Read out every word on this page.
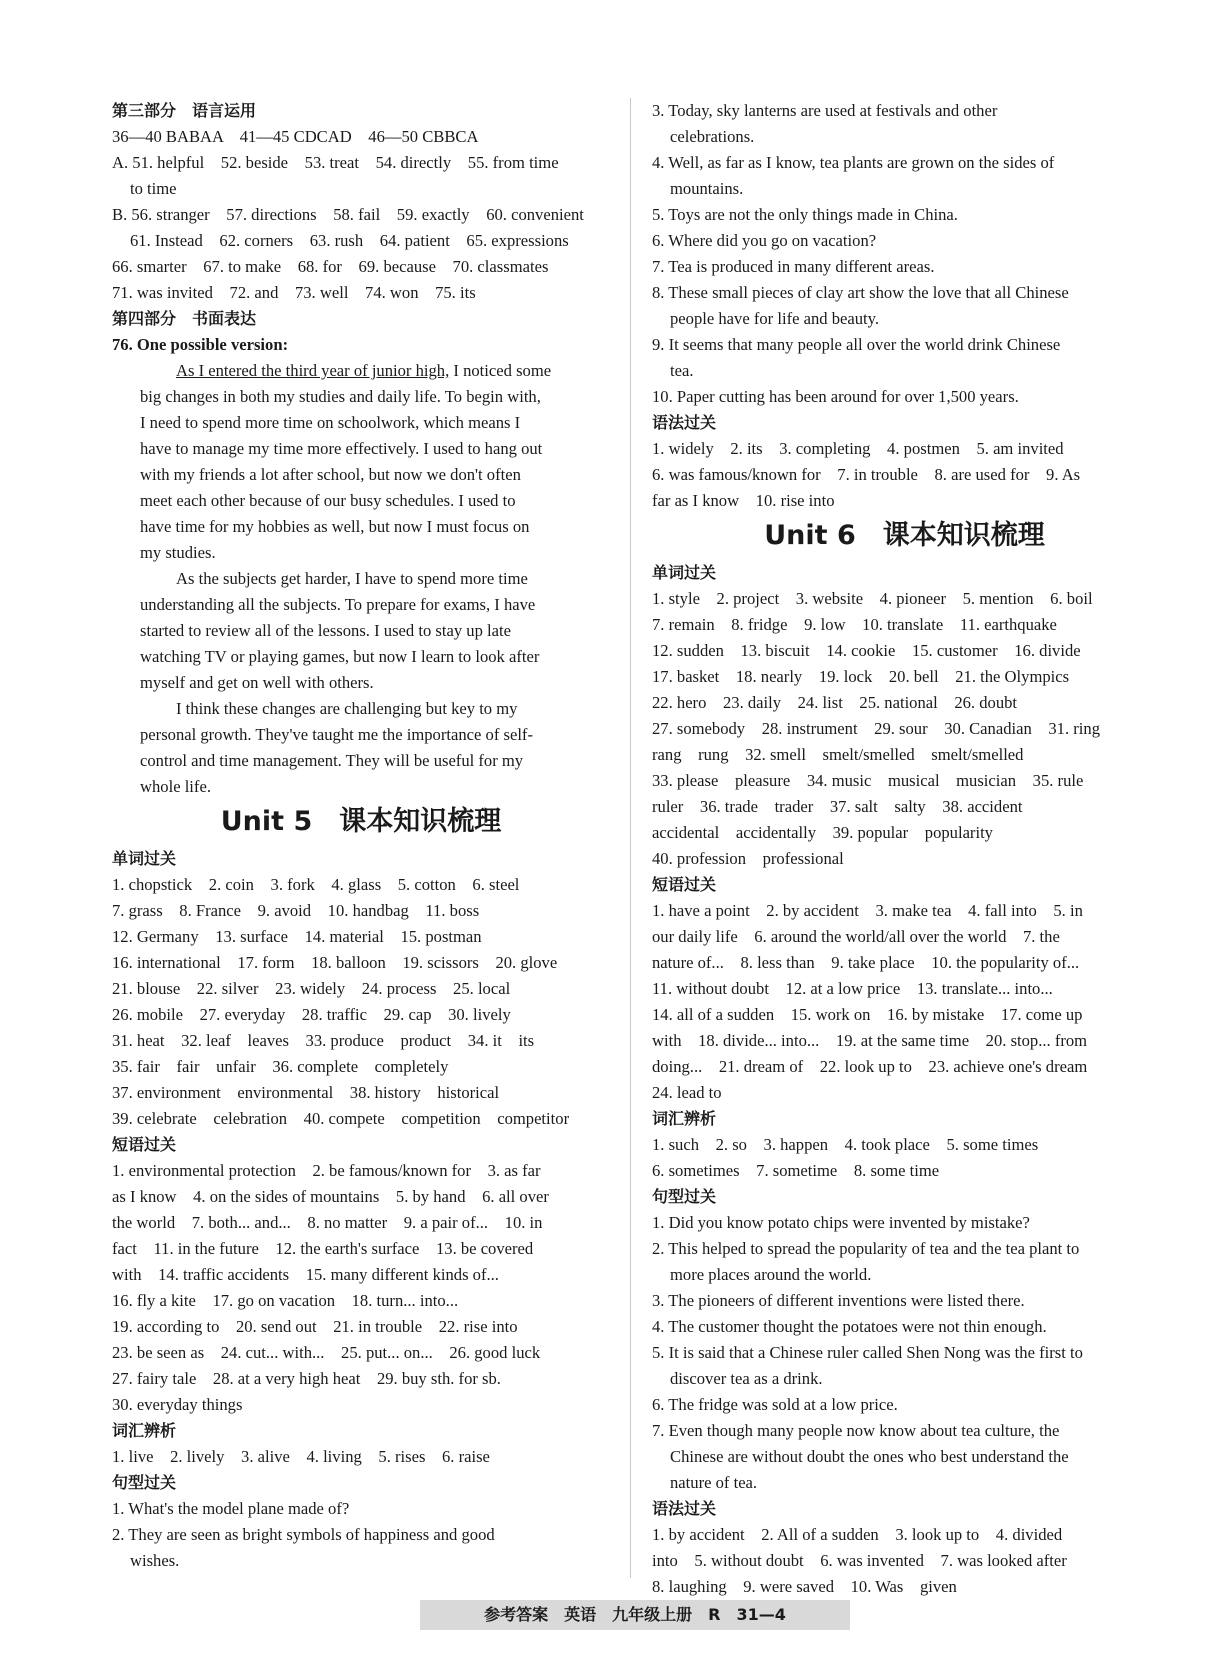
第三部分　语言运用
36—40 BABAA　41—45 CDCAD　46—50 CBBCA
A. 51. helpful　52. beside　53. treat　54. directly　55. from time
to time
B. 56. stranger　57. directions　58. fail　59. exactly　60. convenient
61. Instead　62. corners　63. rush　64. patient　65. expressions
66. smarter　67. to make　68. for　69. because　70. classmates
71. was invited　72. and　73. well　74. won　75. its
第四部分　书面表达
76. One possible version:
As I entered the third year of junior high, I noticed some
big changes in both my studies and daily life. To begin with,
I need to spend more time on schoolwork, which means I
have to manage my time more effectively. I used to hang out
with my friends a lot after school, but now we don't often
meet each other because of our busy schedules. I used to
have time for my hobbies as well, but now I must focus on
my studies.
As the subjects get harder, I have to spend more time
understanding all the subjects. To prepare for exams, I have
started to review all of the lessons. I used to stay up late
watching TV or playing games, but now I learn to look after
myself and get on well with others.
I think these changes are challenging but key to my
personal growth. They've taught me the importance of self-
control and time management. They will be useful for my
whole life.
Unit 5　课本知识梳理
单词过关
1. chopstick　2. coin　3. fork　4. glass　5. cotton　6. steel
7. grass　8. France　9. avoid　10. handbag　11. boss
12. Germany　13. surface　14. material　15. postman
16. international　17. form　18. balloon　19. scissors　20. glove
21. blouse　22. silver　23. widely　24. process　25. local
26. mobile　27. everyday　28. traffic　29. cap　30. lively
31. heat　32. leaf　leaves　33. produce　product　34. it　its
35. fair　fair　unfair　36. complete　completely
37. environment　environmental　38. history　historical
39. celebrate　celebration　40. compete　competition　competitor
短语过关
1. environmental protection　2. be famous/known for　3. as far
as I know　4. on the sides of mountains　5. by hand　6. all over
the world　7. both... and...　8. no matter　9. a pair of...　10. in
fact　11. in the future　12. the earth's surface　13. be covered
with　14. traffic accidents　15. many different kinds of...
16. fly a kite　17. go on vacation　18. turn... into...
19. according to　20. send out　21. in trouble　22. rise into
23. be seen as　24. cut... with...　25. put... on...　26. good luck
27. fairy tale　28. at a very high heat　29. buy sth. for sb.
30. everyday things
词汇辨析
1. live　2. lively　3. alive　4. living　5. rises　6. raise
句型过关
1. What's the model plane made of?
2. They are seen as bright symbols of happiness and good
wishes.
3. Today, sky lanterns are used at festivals and other
celebrations.
4. Well, as far as I know, tea plants are grown on the sides of
mountains.
5. Toys are not the only things made in China.
6. Where did you go on vacation?
7. Tea is produced in many different areas.
8. These small pieces of clay art show the love that all Chinese
people have for life and beauty.
9. It seems that many people all over the world drink Chinese
tea.
10. Paper cutting has been around for over 1,500 years.
语法过关
1. widely　2. its　3. completing　4. postmen　5. am invited
6. was famous/known for　7. in trouble　8. are used for　9. As
far as I know　10. rise into
Unit 6　课本知识梳理
单词过关
1. style　2. project　3. website　4. pioneer　5. mention　6. boil
7. remain　8. fridge　9. low　10. translate　11. earthquake
12. sudden　13. biscuit　14. cookie　15. customer　16. divide
17. basket　18. nearly　19. lock　20. bell　21. the Olympics
22. hero　23. daily　24. list　25. national　26. doubt
27. somebody　28. instrument　29. sour　30. Canadian　31. ring
rang　rung　32. smell　smelt/smelled　smelt/smelled
33. please　pleasure　34. music　musical　musician　35. rule
ruler　36. trade　trader　37. salt　salty　38. accident
accidental　accidentally　39. popular　popularity
40. profession　professional
短语过关
1. have a point　2. by accident　3. make tea　4. fall into　5. in
our daily life　6. around the world/all over the world　7. the
nature of...　8. less than　9. take place　10. the popularity of...
11. without doubt　12. at a low price　13. translate... into...
14. all of a sudden　15. work on　16. by mistake　17. come up
with　18. divide... into...　19. at the same time　20. stop... from
doing...　21. dream of　22. look up to　23. achieve one's dream
24. lead to
词汇辨析
1. such　2. so　3. happen　4. took place　5. some times
6. sometimes　7. sometime　8. some time
句型过关
1. Did you know potato chips were invented by mistake?
2. This helped to spread the popularity of tea and the tea plant to
more places around the world.
3. The pioneers of different inventions were listed there.
4. The customer thought the potatoes were not thin enough.
5. It is said that a Chinese ruler called Shen Nong was the first to
discover tea as a drink.
6. The fridge was sold at a low price.
7. Even though many people now know about tea culture, the
Chinese are without doubt the ones who best understand the
nature of tea.
语法过关
1. by accident　2. All of a sudden　3. look up to　4. divided
into　5. without doubt　6. was invented　7. was looked after
8. laughing　9. were saved　10. Was　given
参考答案　英语　九年级上册　R　31—4
